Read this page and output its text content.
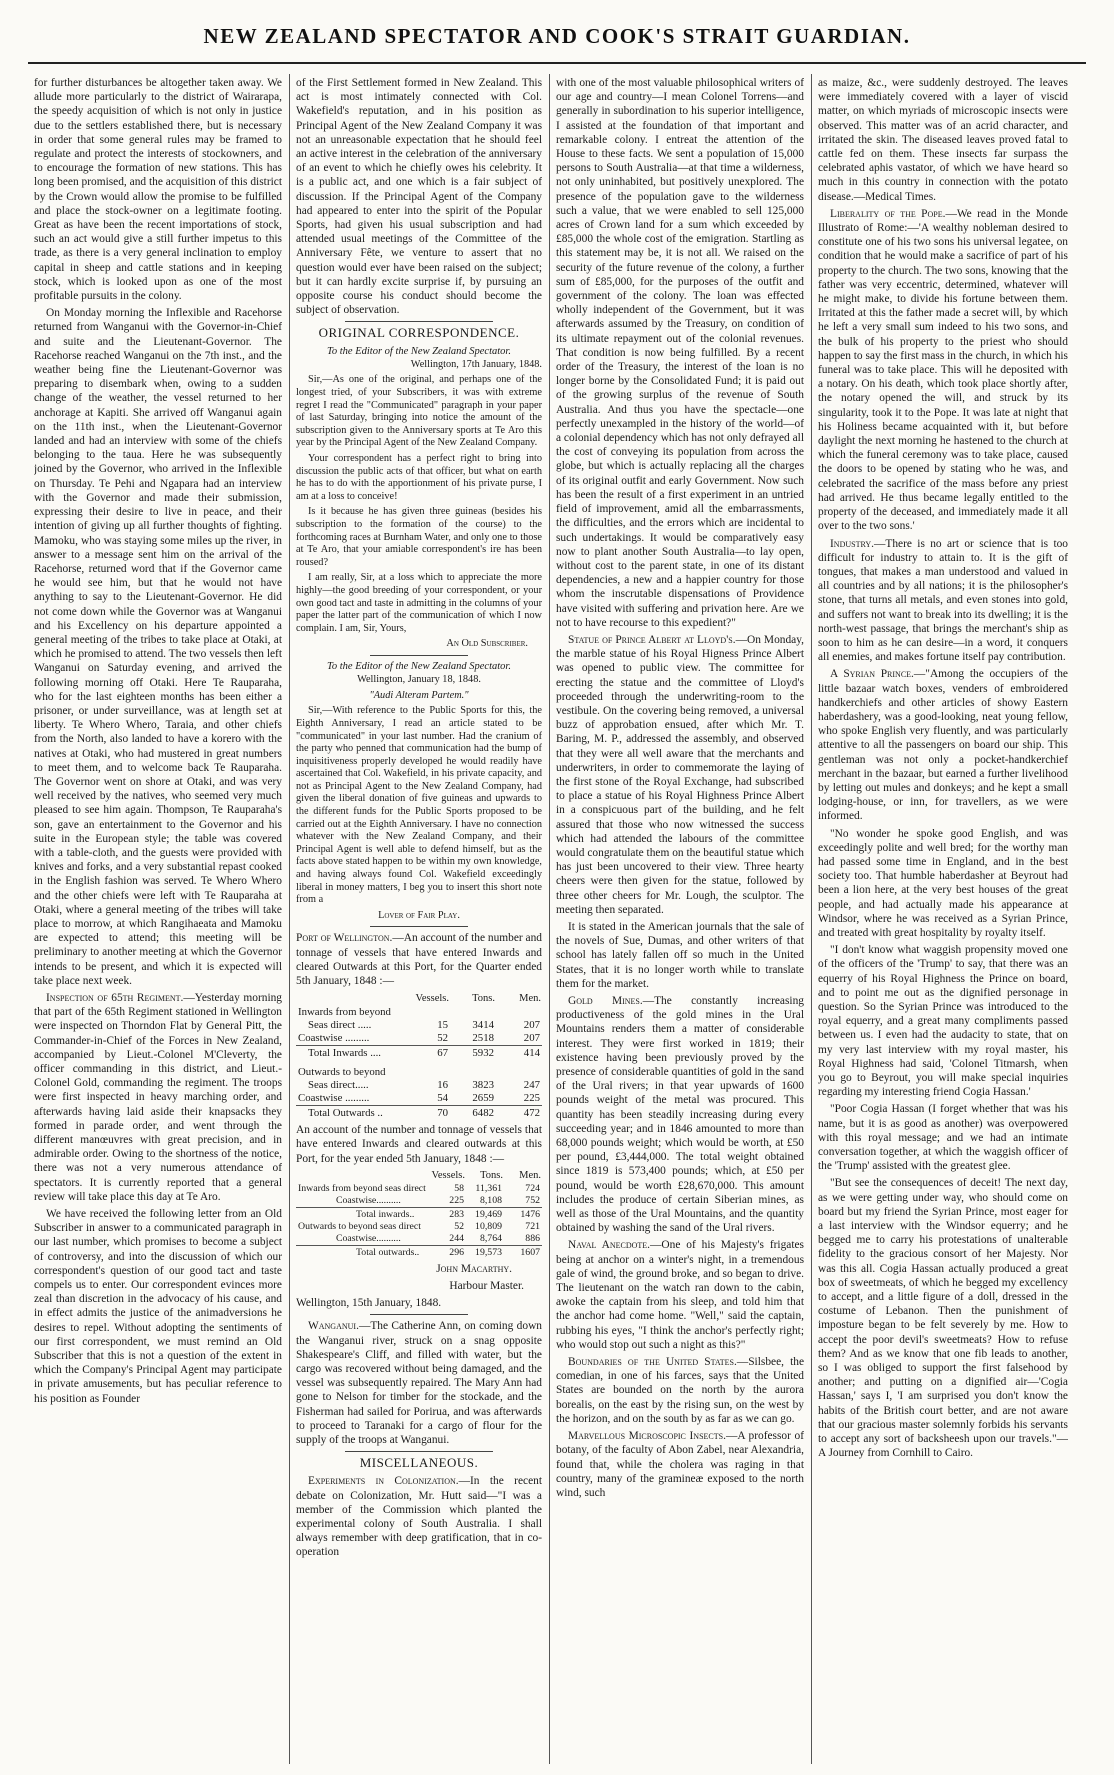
NEW ZEALAND SPECTATOR AND COOK'S STRAIT GUARDIAN.

for further disturbances be altogether taken away. We allude more particularly to the district of Wairarapa, the speedy acquisition of which is not only in justice due to the settlers established there, but is necessary in order that some general rules may be framed to regulate and protect the interests of stockowners, and to encourage the formation of new stations. This has long been promised, and the acquisition of this district by the Crown would allow the promise to be fulfilled and place the stock-owner on a legitimate footing. Great as have been the recent importations of stock, such an act would give a still further impetus to this trade, as there is a very general inclination to employ capital in sheep and cattle stations and in keeping stock, which is looked upon as one of the most profitable pursuits in the colony.

On Monday morning the Inflexible and Racehorse returned from Wanganui with the Governor-in-Chief and suite and the Lieutenant-Governor. The Racehorse reached Wanganui on the 7th inst., and the weather being fine the Lieutenant-Governor was preparing to disembark when, owing to a sudden change of the weather, the vessel returned to her anchorage at Kapiti. She arrived off Wanganui again on the 11th inst., when the Lieutenant-Governor landed and had an interview with some of the chiefs belonging to the taua. Here he was subsequently joined by the Governor, who arrived in the Inflexible on Thursday. Te Pehi and Ngapara had an interview with the Governor and made their submission, expressing their desire to live in peace, and their intention of giving up all further thoughts of fighting. Mamoku, who was staying some miles up the river, in answer to a message sent him on the arrival of the Racehorse, returned word that if the Governor came he would see him, but that he would not have anything to say to the Lieutenant-Governor. He did not come down while the Governor was at Wanganui and his Excellency on his departure appointed a general meeting of the tribes to take place at Otaki, at which he promised to attend. The two vessels then left Wanganui on Saturday evening, and arrived the following morning off Otaki. Here Te Rauparaha, who for the last eighteen months has been either a prisoner, or under surveillance, was at length set at liberty. Te Whero Whero, Taraia, and other chiefs from the North, also landed to have a korero with the natives at Otaki, who had mustered in great numbers to meet them, and to welcome back Te Rauparaha. The Governor went on shore at Otaki, and was very well received by the natives, who seemed very much pleased to see him again. Thompson, Te Rauparaha's son, gave an entertainment to the Governor and his suite in the European style; the table was covered with a table-cloth, and the guests were provided with knives and forks, and a very substantial repast cooked in the English fashion was served. Te Whero Whero and the other chiefs were left with Te Rauparaha at Otaki, where a general meeting of the tribes will take place to morrow, at which Rangihaeata and Mamoku are expected to attend; this meeting will be preliminary to another meeting at which the Governor intends to be present, and which it is expected will take place next week.

Inspection of 65th Regiment.—Yesterday morning that part of the 65th Regiment stationed in Wellington were inspected on Thorndon Flat by General Pitt, the Commander-in-Chief of the Forces in New Zealand, accompanied by Lieut.-Colonel M'Cleverty, the officer commanding in this district, and Lieut.-Colonel Gold, commanding the regiment. The troops were first inspected in heavy marching order, and afterwards having laid aside their knapsacks they formed in parade order, and went through the different manœuvres with great precision, and in admirable order. Owing to the shortness of the notice, there was not a very numerous attendance of spectators. It is currently reported that a general review will take place this day at Te Aro.

We have received the following letter from an Old Subscriber in answer to a communicated paragraph in our last number, which promises to become a subject of controversy, and into the discussion of which our correspondent's question of our good tact and taste compels us to enter. Our correspondent evinces more zeal than discretion in the advocacy of his cause, and in effect admits the justice of the animadversions he desires to repel. Without adopting the sentiments of our first correspondent, we must remind an Old Subscriber that this is not a question of the extent in which the Company's Principal Agent may participate in private amusements, but has peculiar reference to his position as Founder

of the First Settlement formed in New Zealand. This act is most intimately connected with Col. Wakefield's reputation, and in his position as Principal Agent of the New Zealand Company it was not an unreasonable expectation that he should feel an active interest in the celebration of the anniversary of an event to which he chiefly owes his celebrity. It is a public act, and one which is a fair subject of discussion. If the Principal Agent of the Company had appeared to enter into the spirit of the Popular Sports, had given his usual subscription and had attended usual meetings of the Committee of the Anniversary Fête, we venture to assert that no question would ever have been raised on the subject; but it can hardly excite surprise if, by pursuing an opposite course his conduct should become the subject of observation.

ORIGINAL CORRESPONDENCE.

To the Editor of the New Zealand Spectator.

Wellington, 17th January, 1848.

Sir,—As one of the original, and perhaps one of the longest tried, of your Subscribers, it was with extreme regret I read the "Communicated" paragraph in your paper of last Saturday, bringing into notice the amount of the subscription given to the Anniversary sports at Te Aro this year by the Principal Agent of the New Zealand Company.

Your correspondent has a perfect right to bring into discussion the public acts of that officer, but what on earth he has to do with the apportionment of his private purse, I am at a loss to conceive!

Is it because he has given three guineas (besides his subscription to the formation of the course) to the forthcoming races at Burnham Water, and only one to those at Te Aro, that your amiable correspondent's ire has been roused?

I am really, Sir, at a loss which to appreciate the more highly—the good breeding of your correspondent, or your own good tact and taste in admitting in the columns of your paper the latter part of the communication of which I now complain. I am, Sir, Yours,

An Old Subscriber.

To the Editor of the New Zealand Spectator.

Wellington, January 18, 1848.

"Audi Alteram Partem."

Sir,—With reference to the Public Sports for this, the Eighth Anniversary, I read an article stated to be "communicated" in your last number. Had the cranium of the party who penned that communication had the bump of inquisitiveness properly developed he would readily have ascertained that Col. Wakefield, in his private capacity, and not as Principal Agent to the New Zealand Company, had given the liberal donation of five guineas and upwards to the different funds for the Public Sports proposed to be carried out at the Eighth Anniversary. I have no connection whatever with the New Zealand Company, and their Principal Agent is well able to defend himself, but as the facts above stated happen to be within my own knowledge, and having always found Col. Wakefield exceedingly liberal in money matters, I beg you to insert this short note from a

Lover of Fair Play.

Port of Wellington.—An account of the number and tonnage of vessels that have entered Inwards and cleared Outwards at this Port, for the Quarter ended 5th January, 1848 :—

	Vessels.	Tons.	Men.
Inwards from beyond			
Seas direct .....	15	3414	207
Coastwise .........	52	2518	207
Total Inwards ....	67	5932	414
Outwards to beyond			
Seas direct.....	16	3823	247
Coastwise .........	54	2659	225
Total Outwards ..	70	6482	472

An account of the number and tonnage of vessels that have entered Inwards and cleared outwards at this Port, for the year ended 5th January, 1848 :—

	Vessels.	Tons.	Men.
Inwards from beyond seas direct	58	11,361	724
Coastwise..........	225	8,108	752
Total inwards..	283	19,469	1476
Outwards to beyond seas direct	52	10,809	721
Coastwise..........	244	8,764	886
Total outwards..	296	19,573	1607

John Macarthy.

Harbour Master.

Wellington, 15th January, 1848.

Wanganui.—The Catherine Ann, on coming down the Wanganui river, struck on a snag opposite Shakespeare's Cliff, and filled with water, but the cargo was recovered without being damaged, and the vessel was subsequently repaired. The Mary Ann had gone to Nelson for timber for the stockade, and the Fisherman had sailed for Porirua, and was afterwards to proceed to Taranaki for a cargo of flour for the supply of the troops at Wanganui.

MISCELLANEOUS.

Experiments in Colonization.—In the recent debate on Colonization, Mr. Hutt said—"I was a member of the Commission which planted the experimental colony of South Australia. I shall always remember with deep gratification, that in co-operation

with one of the most valuable philosophical writers of our age and country—I mean Colonel Torrens—and generally in subordination to his superior intelligence, I assisted at the foundation of that important and remarkable colony. I entreat the attention of the House to these facts. We sent a population of 15,000 persons to South Australia—at that time a wilderness, not only uninhabited, but positively unexplored. The presence of the population gave to the wilderness such a value, that we were enabled to sell 125,000 acres of Crown land for a sum which exceeded by £85,000 the whole cost of the emigration. Startling as this statement may be, it is not all. We raised on the security of the future revenue of the colony, a further sum of £85,000, for the purposes of the outfit and government of the colony. The loan was effected wholly independent of the Government, but it was afterwards assumed by the Treasury, on condition of its ultimate repayment out of the colonial revenues. That condition is now being fulfilled. By a recent order of the Treasury, the interest of the loan is no longer borne by the Consolidated Fund; it is paid out of the growing surplus of the revenue of South Australia. And thus you have the spectacle—one perfectly unexampled in the history of the world—of a colonial dependency which has not only defrayed all the cost of conveying its population from across the globe, but which is actually replacing all the charges of its original outfit and early Government. Now such has been the result of a first experiment in an untried field of improvement, amid all the embarrassments, the difficulties, and the errors which are incidental to such undertakings. It would be comparatively easy now to plant another South Australia—to lay open, without cost to the parent state, in one of its distant dependencies, a new and a happier country for those whom the inscrutable dispensations of Providence have visited with suffering and privation here. Are we not to have recourse to this expedient?"

Statue of Prince Albert at Lloyd's.—On Monday, the marble statue of his Royal Higness Prince Albert was opened to public view. The committee for erecting the statue and the committee of Lloyd's proceeded through the underwriting-room to the vestibule. On the covering being removed, a universal buzz of approbation ensued, after which Mr. T. Baring, M. P., addressed the assembly, and observed that they were all well aware that the merchants and underwriters, in order to commemorate the laying of the first stone of the Royal Exchange, had subscribed to place a statue of his Royal Highness Prince Albert in a conspicuous part of the building, and he felt assured that those who now witnessed the success which had attended the labours of the committee would congratulate them on the beautiful statue which has just been uncovered to their view. Three hearty cheers were then given for the statue, followed by three other cheers for Mr. Lough, the sculptor. The meeting then separated.

It is stated in the American journals that the sale of the novels of Sue, Dumas, and other writers of that school has lately fallen off so much in the United States, that it is no longer worth while to translate them for the market.

Gold Mines.—The constantly increasing productiveness of the gold mines in the Ural Mountains renders them a matter of considerable interest. They were first worked in 1819; their existence having been previously proved by the presence of considerable quantities of gold in the sand of the Ural rivers; in that year upwards of 1600 pounds weight of the metal was procured. This quantity has been steadily increasing during every succeeding year; and in 1846 amounted to more than 68,000 pounds weight; which would be worth, at £50 per pound, £3,444,000. The total weight obtained since 1819 is 573,400 pounds; which, at £50 per pound, would be worth £28,670,000. This amount includes the produce of certain Siberian mines, as well as those of the Ural Mountains, and the quantity obtained by washing the sand of the Ural rivers.

Naval Anecdote.—One of his Majesty's frigates being at anchor on a winter's night, in a tremendous gale of wind, the ground broke, and so began to drive. The lieutenant on the watch ran down to the cabin, awoke the captain from his sleep, and told him that the anchor had come home. "Well," said the captain, rubbing his eyes, "I think the anchor's perfectly right; who would stop out such a night as this?"

Boundaries of the United States.—Silsbee, the comedian, in one of his farces, says that the United States are bounded on the north by the aurora borealis, on the east by the rising sun, on the west by the horizon, and on the south by as far as we can go.

Marvellous Microscopic Insects.—A professor of botany, of the faculty of Abon Zabel, near Alexandria, found that, while the cholera was raging in that country, many of the gramineæ exposed to the north wind, such

as maize, &c., were suddenly destroyed. The leaves were immediately covered with a layer of viscid matter, on which myriads of microscopic insects were observed. This matter was of an acrid character, and irritated the skin. The diseased leaves proved fatal to cattle fed on them. These insects far surpass the celebrated aphis vastator, of which we have heard so much in this country in connection with the potato disease.—Medical Times.

Liberality of the Pope.—We read in the Monde Illustrato of Rome:—'A wealthy nobleman desired to constitute one of his two sons his universal legatee, on condition that he would make a sacrifice of part of his property to the church. The two sons, knowing that the father was very eccentric, determined, whatever will he might make, to divide his fortune between them. Irritated at this the father made a secret will, by which he left a very small sum indeed to his two sons, and the bulk of his property to the priest who should happen to say the first mass in the church, in which his funeral was to take place. This will he deposited with a notary. On his death, which took place shortly after, the notary opened the will, and struck by its singularity, took it to the Pope. It was late at night that his Holiness became acquainted with it, but before daylight the next morning he hastened to the church at which the funeral ceremony was to take place, caused the doors to be opened by stating who he was, and celebrated the sacrifice of the mass before any priest had arrived. He thus became legally entitled to the property of the deceased, and immediately made it all over to the two sons.'

Industry.—There is no art or science that is too difficult for industry to attain to. It is the gift of tongues, that makes a man understood and valued in all countries and by all nations; it is the philosopher's stone, that turns all metals, and even stones into gold, and suffers not want to break into its dwelling; it is the north-west passage, that brings the merchant's ship as soon to him as he can desire—in a word, it conquers all enemies, and makes fortune itself pay contribution.

A Syrian Prince.—"Among the occupiers of the little bazaar watch boxes, venders of embroidered handkerchiefs and other articles of showy Eastern haberdashery, was a good-looking, neat young fellow, who spoke English very fluently, and was particularly attentive to all the passengers on board our ship. This gentleman was not only a pocket-handkerchief merchant in the bazaar, but earned a further livelihood by letting out mules and donkeys; and he kept a small lodging-house, or inn, for travellers, as we were informed.

"No wonder he spoke good English, and was exceedingly polite and well bred; for the worthy man had passed some time in England, and in the best society too. That humble haberdasher at Beyrout had been a lion here, at the very best houses of the great people, and had actually made his appearance at Windsor, where he was received as a Syrian Prince, and treated with great hospitality by royalty itself.

"I don't know what waggish propensity moved one of the officers of the 'Trump' to say, that there was an equerry of his Royal Highness the Prince on board, and to point me out as the dignified personage in question. So the Syrian Prince was introduced to the royal equerry, and a great many compliments passed between us. I even had the audacity to state, that on my very last interview with my royal master, his Royal Highness had said, 'Colonel Titmarsh, when you go to Beyrout, you will make special inquiries regarding my interesting friend Cogia Hassan.'

"Poor Cogia Hassan (I forget whether that was his name, but it is as good as another) was overpowered with this royal message; and we had an intimate conversation together, at which the waggish officer of the 'Trump' assisted with the greatest glee.

"But see the consequences of deceit! The next day, as we were getting under way, who should come on board but my friend the Syrian Prince, most eager for a last interview with the Windsor equerry; and he begged me to carry his protestations of unalterable fidelity to the gracious consort of her Majesty. Nor was this all. Cogia Hassan actually produced a great box of sweetmeats, of which he begged my excellency to accept, and a little figure of a doll, dressed in the costume of Lebanon. Then the punishment of imposture began to be felt severely by me. How to accept the poor devil's sweetmeats? How to refuse them? And as we know that one fib leads to another, so I was obliged to support the first falsehood by another; and putting on a dignified air—'Cogia Hassan,' says I, 'I am surprised you don't know the habits of the British court better, and are not aware that our gracious master solemnly forbids his servants to accept any sort of backsheesh upon our travels."—A Journey from Cornhill to Cairo.
